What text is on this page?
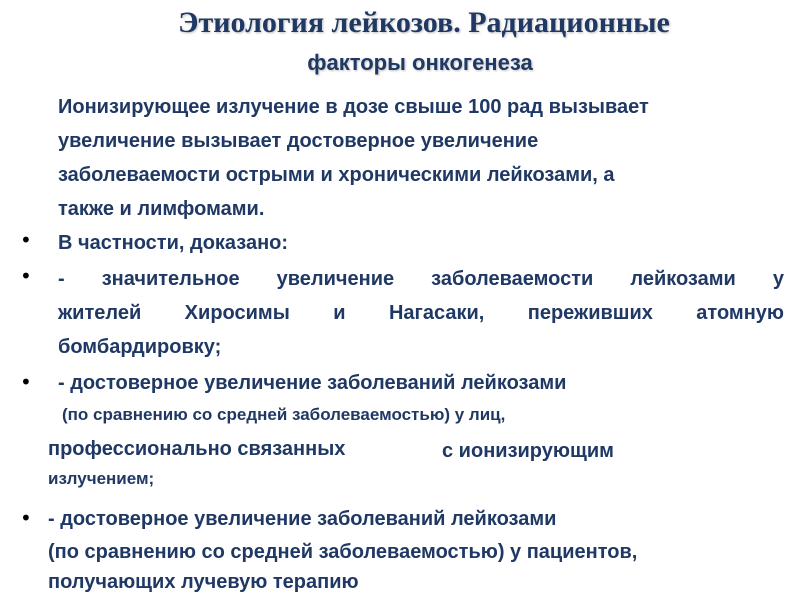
Этиология лейкозов. Радиационные
факторы онкогенеза
Ионизирующее излучение в дозе свыше 100 рад вызывает
увеличение вызывает достоверное увеличение
заболеваемости острыми и хроническими лейкозами, а
также и лимфомами.
• В частности, доказано:
• - значительное увеличение заболеваемости лейкозами у
жителей Хиросимы и Нагасаки, переживших атомную
бомбардировку;
• - достоверное увеличение заболеваний лейкозами
(по сравнению со средней заболеваемостью) у лиц,
профессионально связанных	с ионизирующим
излучением;
• - достоверное увеличение заболеваний лейкозами
(по сравнению со средней заболеваемостью) у пациентов,
получающих лучевую терапию
